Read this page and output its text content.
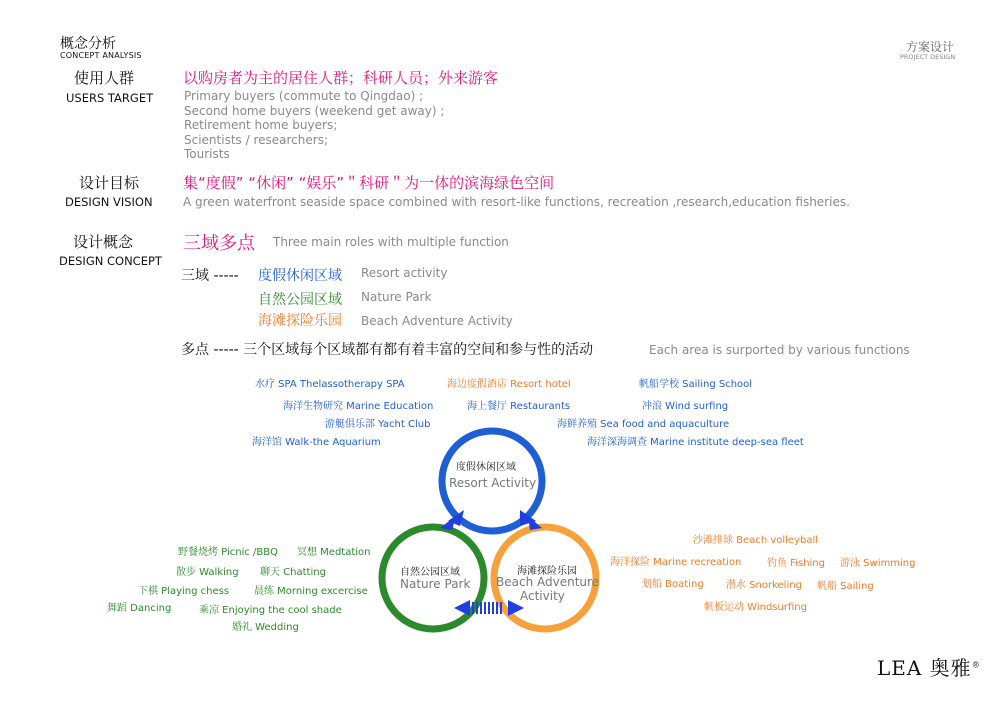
概念分析
CONCEPT ANALYSIS
方案设计
PROJECT DESIGN
使用人群
USERS TARGET
以购房者为主的居住人群；科研人员；外来游客
Primary buyers (commute to Qingdao) ;
Second home buyers (weekend get away) ;
Retirement home buyers;
Scientists / researchers;
Tourists
设计目标
DESIGN VISION
集“度假” “休闲” “娱乐”＂科研＂为一体的滨海绿色空间
A green waterfront seaside space combined with resort-like functions, recreation ,research,education fisheries.
设计概念
DESIGN CONCEPT
三域多点 Three main roles with multiple function
三域 ----- 度假休闲区域 Resort activity
自然公园区域 Nature Park
海滩探险乐园 Beach Adventure Activity
多点 ----- 三个区域每个区域都有都有着丰富的空间和参与性的活动	Each area is surported by various functions
水疗 SPA Thelassotherapy SPA	海边度假酒店 Resort hotel	帆船学校 Sailing School
海洋生物研究 Marine Education	海上餐厅 Restaurants	冲浪 Wind surfing
游艇俱乐部 Yacht Club	海鲜养殖 Sea food and aquaculture
海洋馆 Walk-the Aquarium	海洋深海调查 Marine institute deep-sea fleet
野餐烧烤 Picnic /BBQ 冥想 Medtation
散步 Walking 聊天 Chatting
下棋 Playing chess 晨练 Morning excercise
舞蹈 Dancing	乘凉 Enjoying the cool shade
婚礼 Wedding
沙滩排球 Beach volleyball
海洋探险 Marine recreation	钓鱼 Fishing 游泳 Swimming
划船 Boating 潜水 Snorkeling 帆船 Sailing
帆板运动 Windsurfing
度假休闲区域
Resort Activity
自然公园区域
Nature Park
海滩探险乐园
Beach Adventure
Activity
LEA 奥雅®
